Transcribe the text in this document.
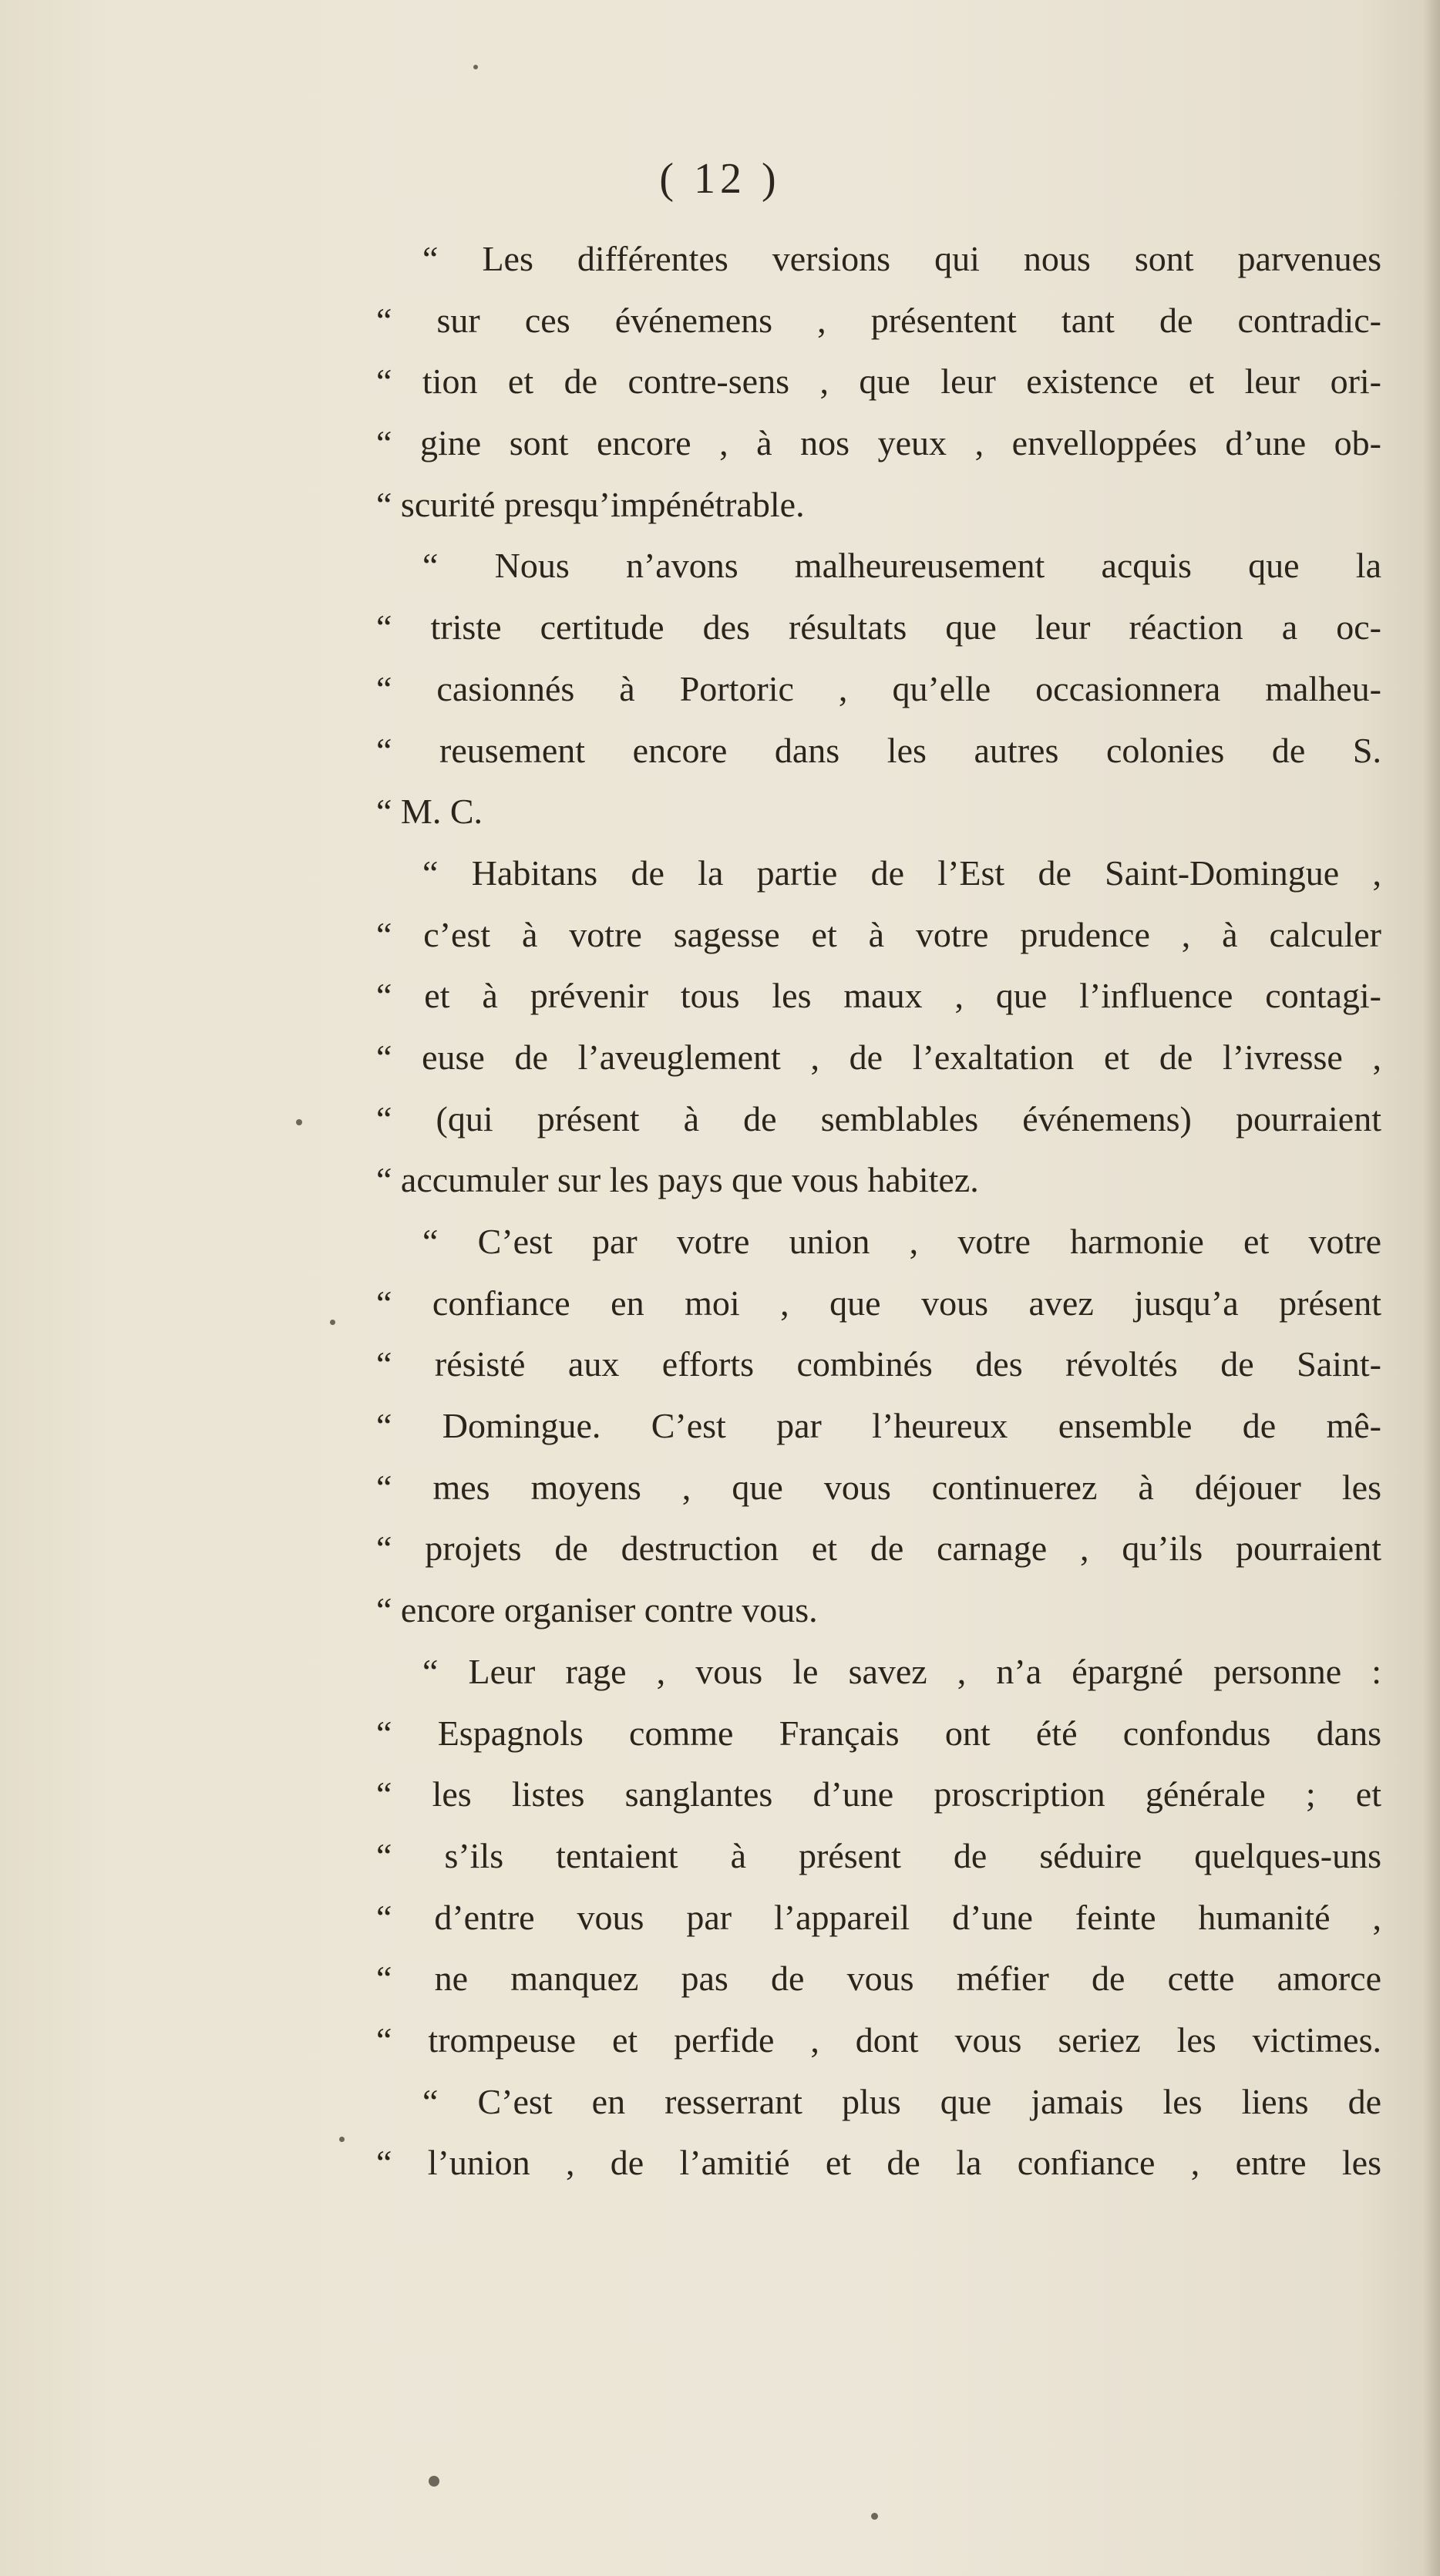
( 12 )
“ Les différentes versions qui nous sont parvenues
“ sur ces événemens , présentent tant de contradic-
“ tion et de contre-sens , que leur existence et leur ori-
“ gine sont encore , à nos yeux , envelloppées d’une ob-
“ scurité presqu’impénétrable.
“ Nous n’avons malheureusement acquis que la
“ triste certitude des résultats que leur réaction a oc-
“ casionnés à Portoric , qu’elle occasionnera malheu-
“ reusement encore dans les autres colonies de S.
“ M. C.
“ Habitans de la partie de l’Est de Saint-Domingue ,
“ c’est à votre sagesse et à votre prudence , à calculer
“ et à prévenir tous les maux , que l’influence contagi-
“ euse de l’aveuglement , de l’exaltation et de l’ivresse ,
“ (qui présent à de semblables événemens) pourraient
“ accumuler sur les pays que vous habitez.
“ C’est par votre union , votre harmonie et votre
“ confiance en moi , que vous avez jusqu’a présent
“ résisté aux efforts combinés des révoltés de Saint-
“ Domingue. C’est par l’heureux ensemble de mê-
“ mes moyens , que vous continuerez à déjouer les
“ projets de destruction et de carnage , qu’ils pourraient
“ encore organiser contre vous.
“ Leur rage , vous le savez , n’a épargné personne :
“ Espagnols comme Français ont été confondus dans
“ les listes sanglantes d’une proscription générale ; et
“ s’ils tentaient à présent de séduire quelques-uns
“ d’entre vous par l’appareil d’une feinte humanité ,
“ ne manquez pas de vous méfier de cette amorce
“ trompeuse et perfide , dont vous seriez les victimes.
“ C’est en resserrant plus que jamais les liens de
“ l’union , de l’amitié et de la confiance , entre les
